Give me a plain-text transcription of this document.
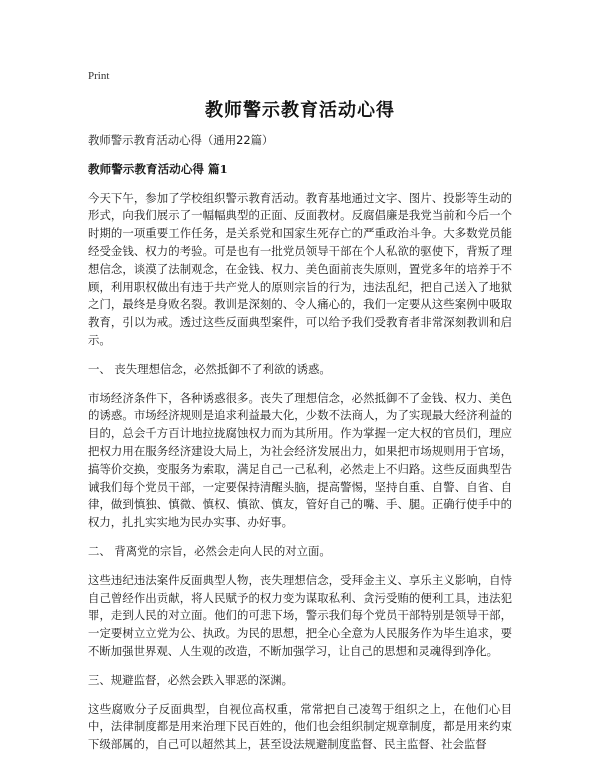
Print
教师警示教育活动心得

教师警示教育活动心得（通用22篇）

教师警示教育活动心得 篇1

今天下午，参加了学校组织警示教育活动。教育基地通过文字、图片、投影等生动的形式，向我们展示了一幅幅典型的正面、反面教材。反腐倡廉是我党当前和今后一个时期的一项重要工作任务，是关系党和国家生死存亡的严重政治斗争。大多数党员能经受金钱、权力的考验。可是也有一批党员领导干部在个人私欲的驱使下，背叛了理想信念，谈漠了法制观念，在金钱、权力、美色面前丧失原则，置党多年的培养于不顾，利用职权做出有违于共产党人的原则宗旨的行为，违法乱纪，把自己送入了地狱之门，最终是身败名裂。教训是深刻的、令人痛心的，我们一定要从这些案例中吸取教育，引以为戒。透过这些反面典型案件，可以给予我们受教育者非常深刻教训和启示。

一、 丧失理想信念，必然抵御不了利欲的诱惑。

市场经济条件下，各种诱惑很多。丧失了理想信念，必然抵御不了金钱、权力、美色的诱惑。市场经济规则是追求利益最大化，少数不法商人，为了实现最大经济利益的目的，总会千方百计地拉拢腐蚀权力而为其所用。作为掌握一定大权的官员们，理应把权力用在服务经济建设大局上，为社会经济发展出力，如果把市场规则用于官场，搞等价交换，变服务为索取，满足自己一己私利，必然走上不归路。这些反面典型告诫我们每个党员干部，一定要保持清醒头脑，提高警惕，坚持自重、自警、自省、自律，做到慎独、慎微、慎权、慎欲、慎友，管好自己的嘴、手、腿。正确行使手中的权力，扎扎实实地为民办实事、办好事。

二、 背离党的宗旨，必然会走向人民的对立面。

这些违纪违法案件反面典型人物，丧失理想信念，受拜金主义、享乐主义影响，自恃自己曾经作出贡献，将人民赋予的权力变为谋取私利、贪污受贿的便利工具，违法犯罪，走到人民的对立面。他们的可悲下场，警示我们每个党员干部特别是领导干部，一定要树立立党为公、执政。为民的思想，把全心全意为人民服务作为毕生追求，要不断加强世界观、人生观的改造，不断加强学习，让自己的思想和灵魂得到净化。

三、规避监督，必然会跌入罪恶的深渊。

这些腐败分子反面典型，自视位高权重，常常把自己凌驾于组织之上，在他们心目中，法律制度都是用来治理下民百姓的，他们也会组织制定规章制度，都是用来约束下级部属的，自己可以超然其上，甚至设法规避制度监督、民主监督、社会监督
